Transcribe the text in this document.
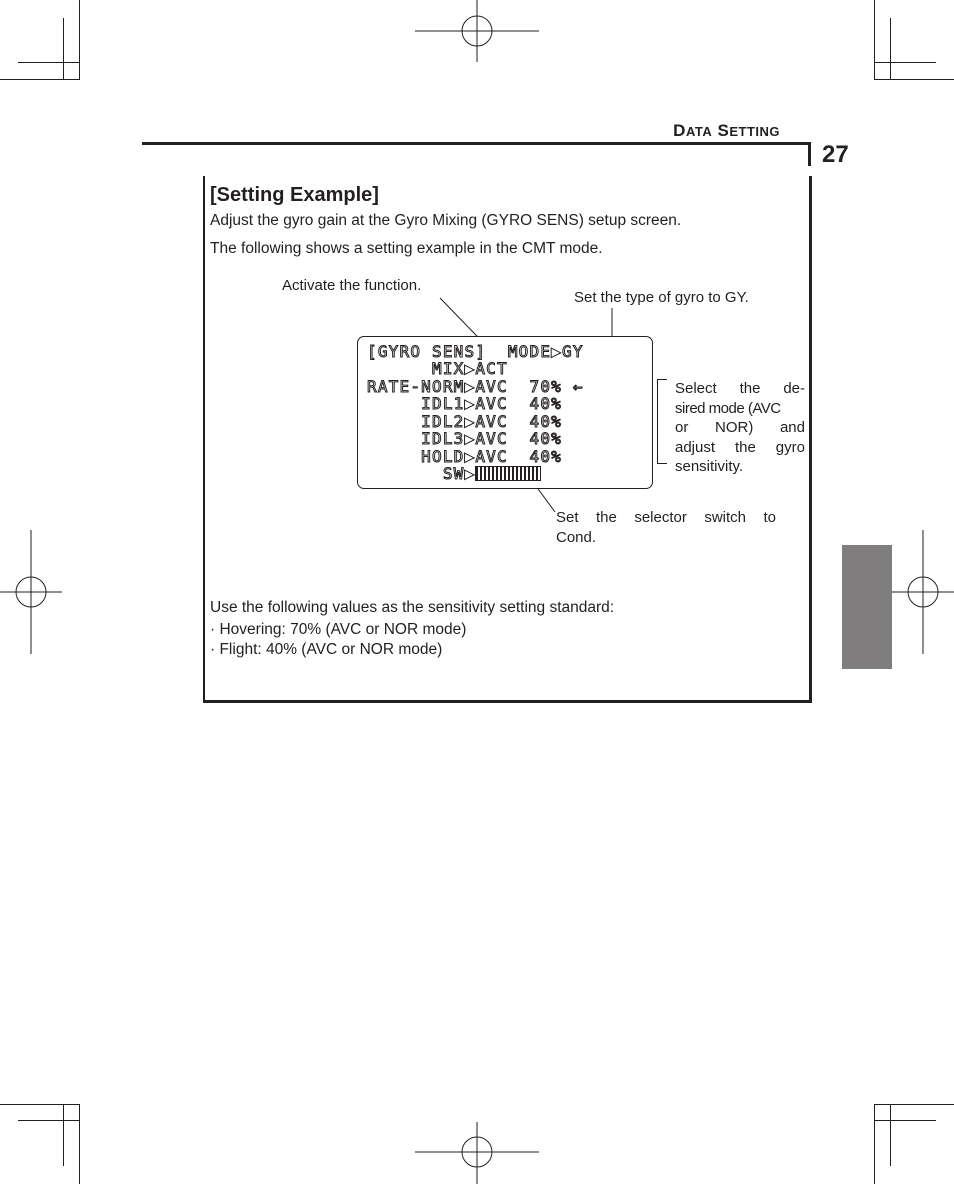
DATA SETTING
27
[Setting Example]
Adjust the gyro gain at the Gyro Mixing (GYRO SENS) setup screen.
The following shows a setting example in the CMT mode.
Activate the function.
Set the type of gyro to GY.
[GYRO SENS]  MODE▶GY
MIX▶ACT
RATE-NORM▶AVC  70% ←
IDL1▶AVC  40%
IDL2▶AVC  40%
IDL3▶AVC  40%
HOLD▶AVC  40%
SW▶
Select the de-
sired mode (AVC
or NOR) and
adjust the gyro
sensitivity.
Set the selector switch to
Cond.
Use the following values as the sensitivity setting standard:
· Hovering: 70% (AVC or NOR mode)
· Flight: 40% (AVC or NOR mode)
